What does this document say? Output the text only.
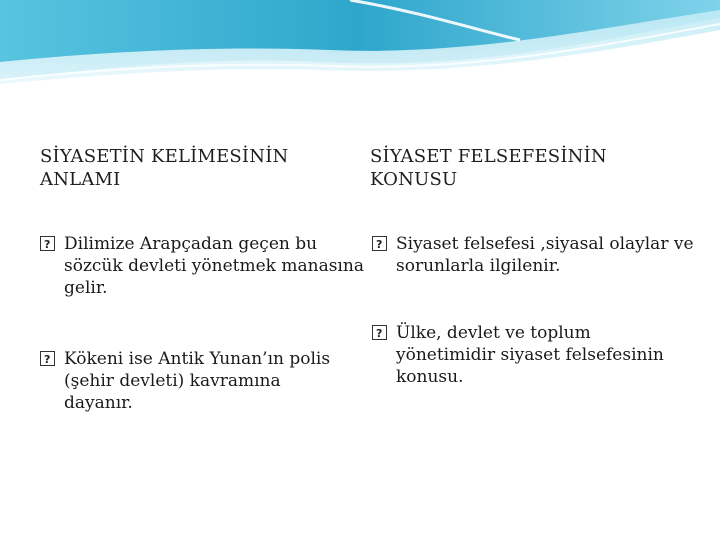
SİYASETİN KELİMESİNİN ANLAMI
?
Dilimize Arapçadan geçen bu sözcük devleti yönetmek manasına gelir.
?
Kökeni ise Antik Yunan’ın polis (şehir devleti) kavramına dayanır.
SİYASET FELSEFESİNİN KONUSU
?
Siyaset felsefesi ,siyasal olaylar ve sorunlarla ilgilenir.
?
Ülke, devlet ve toplum yönetimidir siyaset felsefesinin konusu.
